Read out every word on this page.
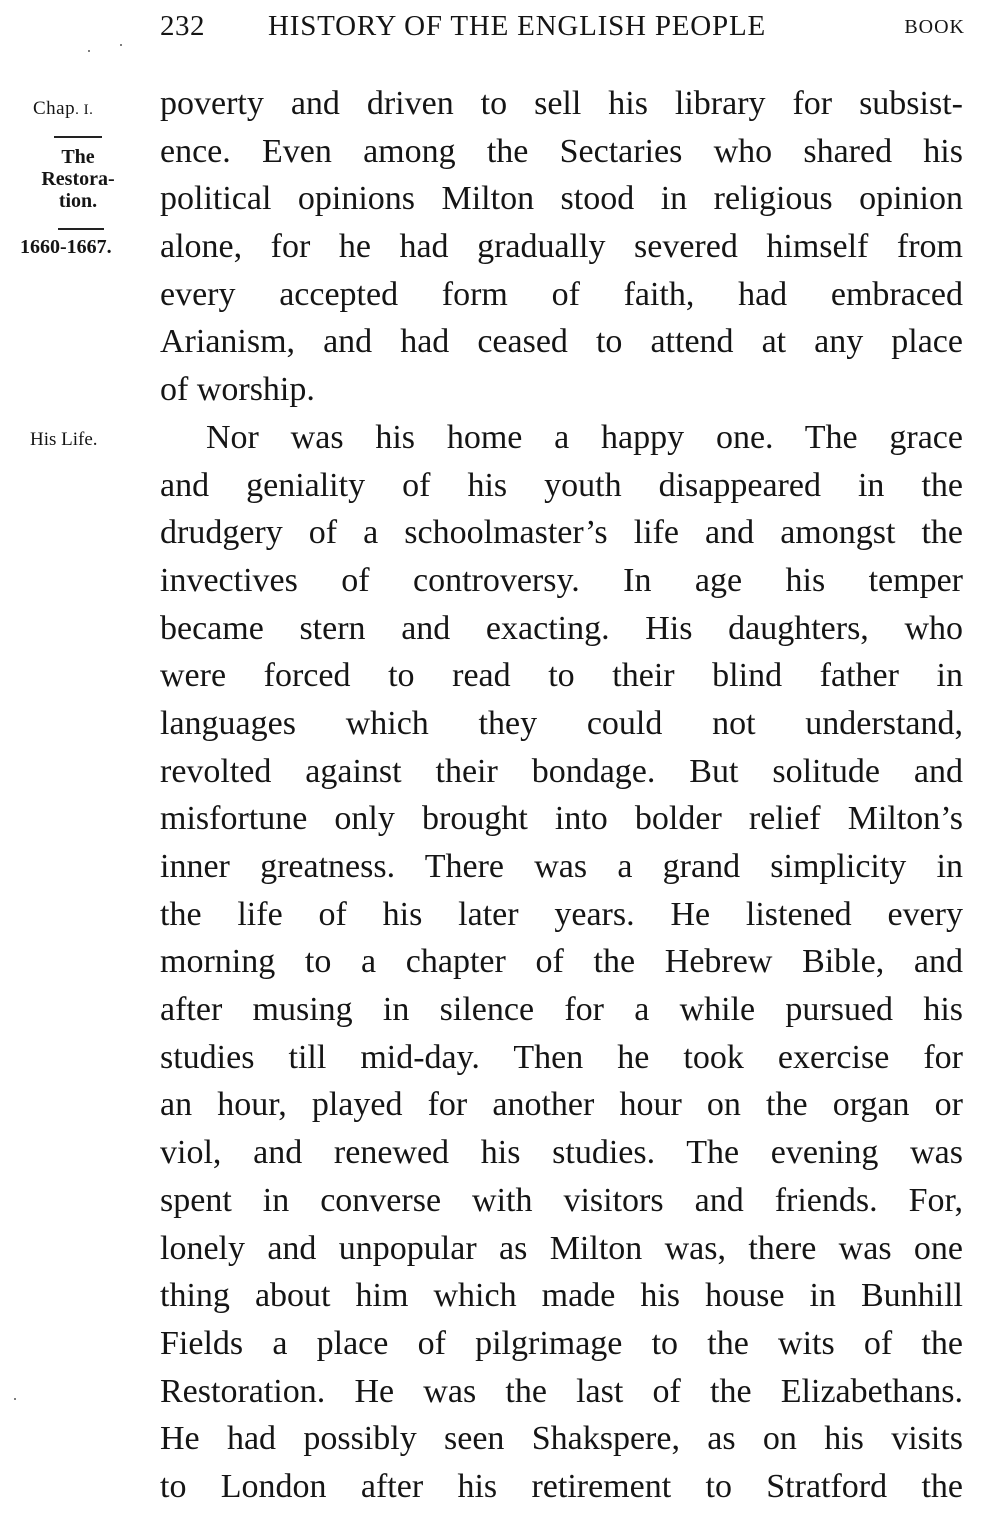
232 HISTORY OF THE ENGLISH PEOPLE	BOOK
Chap. I.
The
Restora-
tion.
1660-1667.
His Life.
poverty and driven to sell his library for subsist-
ence. Even among the Sectaries who shared his
political opinions Milton stood in religious opinion
alone, for he had gradually severed himself from
every accepted form of faith, had embraced
Arianism, and had ceased to attend at any place
of worship.
Nor was his home a happy one. The grace
and geniality of his youth disappeared in the
drudgery of a schoolmaster’s life and amongst the
invectives of controversy. In age his temper
became stern and exacting. His daughters, who
were forced to read to their blind father in
languages which they could not understand,
revolted against their bondage. But solitude and
misfortune only brought into bolder relief Milton’s
inner greatness. There was a grand simplicity in
the life of his later years. He listened every
morning to a chapter of the Hebrew Bible, and
after musing in silence for a while pursued his
studies till mid-day. Then he took exercise for
an hour, played for another hour on the organ or
viol, and renewed his studies. The evening was
spent in converse with visitors and friends. For,
lonely and unpopular as Milton was, there was one
thing about him which made his house in Bunhill
Fields a place of pilgrimage to the wits of the
Restoration. He was the last of the Elizabethans.
He had possibly seen Shakspere, as on his visits
to London after his retirement to Stratford the
